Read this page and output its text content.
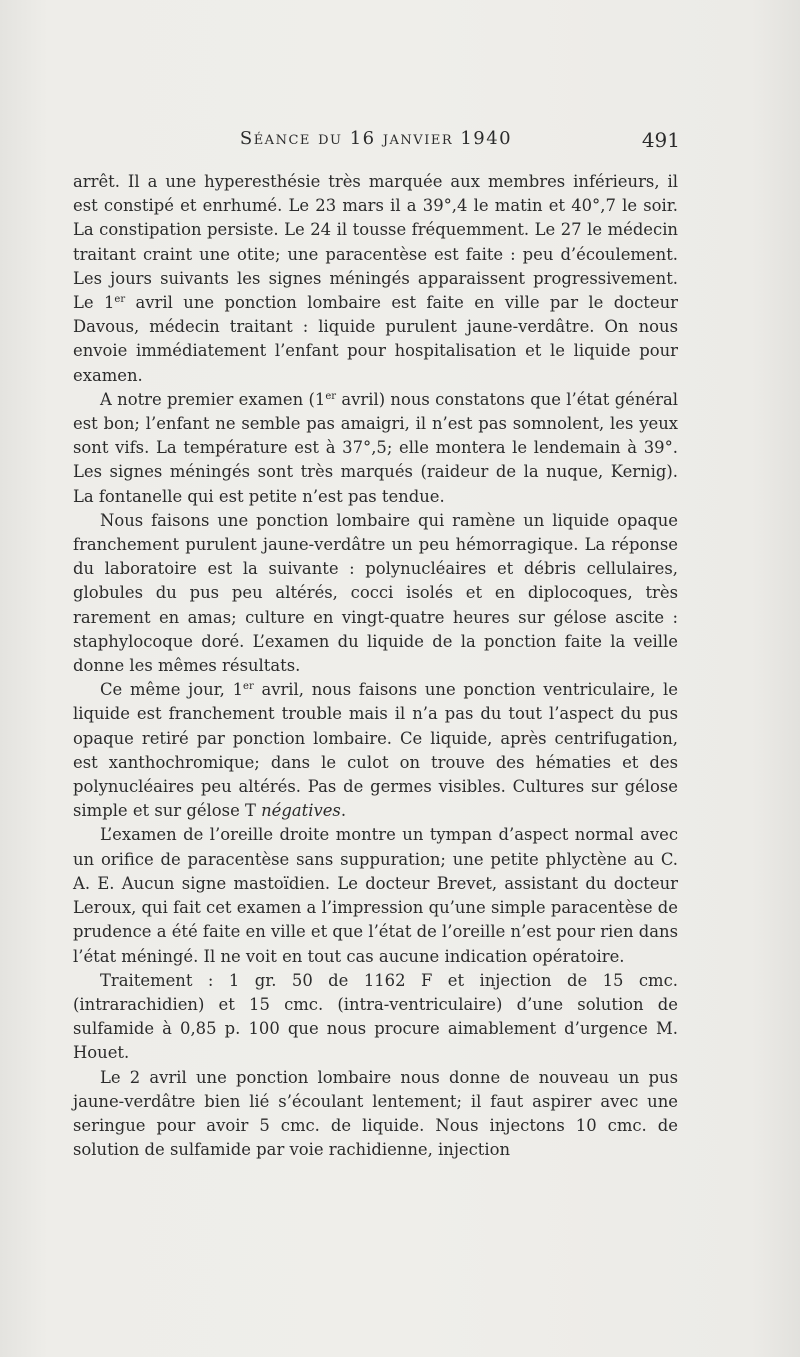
Séance du 16 janvier 1940	491

arrêt. Il a une hyperesthésie très marquée aux membres inférieurs, il est constipé et enrhumé. Le 23 mars il a 39°,4 le matin et 40°,7 le soir. La constipation persiste. Le 24 il tousse fréquemment. Le 27 le médecin traitant craint une otite; une paracentèse est faite : peu d’écoulement. Les jours suivants les signes méningés apparaissent progressivement. Le 1er avril une ponction lombaire est faite en ville par le docteur Davous, médecin traitant : liquide purulent jaune-verdâtre. On nous envoie immédiatement l’enfant pour hospitalisation et le liquide pour examen.

A notre premier examen (1er avril) nous constatons que l’état général est bon; l’enfant ne semble pas amaigri, il n’est pas somnolent, les yeux sont vifs. La température est à 37°,5; elle montera le lendemain à 39°. Les signes méningés sont très marqués (raideur de la nuque, Kernig). La fontanelle qui est petite n’est pas tendue.

Nous faisons une ponction lombaire qui ramène un liquide opaque franchement purulent jaune-verdâtre un peu hémorragique. La réponse du laboratoire est la suivante : polynucléaires et débris cellulaires, globules du pus peu altérés, cocci isolés et en diplocoques, très rarement en amas; culture en vingt-quatre heures sur gélose ascite : staphylocoque doré. L’examen du liquide de la ponction faite la veille donne les mêmes résultats.

Ce même jour, 1er avril, nous faisons une ponction ventriculaire, le liquide est franchement trouble mais il n’a pas du tout l’aspect du pus opaque retiré par ponction lombaire. Ce liquide, après centrifugation, est xanthochromique; dans le culot on trouve des hématies et des polynucléaires peu altérés. Pas de germes visibles. Cultures sur gélose simple et sur gélose T négatives.

L’examen de l’oreille droite montre un tympan d’aspect normal avec un orifice de paracentèse sans suppuration; une petite phlyctène au C. A. E. Aucun signe mastoïdien. Le docteur Brevet, assistant du docteur Leroux, qui fait cet examen a l’impression qu’une simple paracentèse de prudence a été faite en ville et que l’état de l’oreille n’est pour rien dans l’état méningé. Il ne voit en tout cas aucune indication opératoire.

Traitement : 1 gr. 50 de 1162 F et injection de 15 cmc. (intrarachidien) et 15 cmc. (intra-ventriculaire) d’une solution de sulfamide à 0,85 p. 100 que nous procure aimablement d’urgence M. Houet.

Le 2 avril une ponction lombaire nous donne de nouveau un pus jaune-verdâtre bien lié s’écoulant lentement; il faut aspirer avec une seringue pour avoir 5 cmc. de liquide. Nous injectons 10 cmc. de solution de sulfamide par voie rachidienne, injection
